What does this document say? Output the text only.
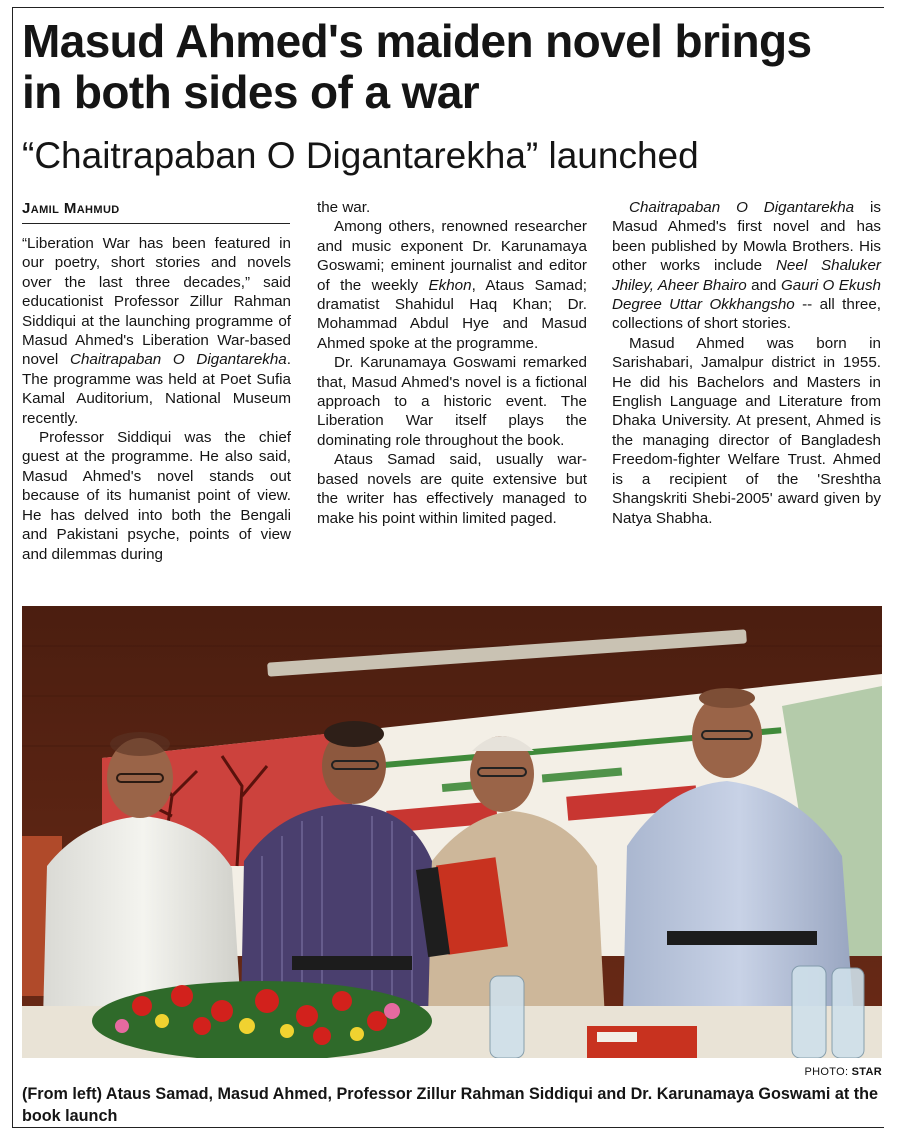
Masud Ahmed's maiden novel brings
in both sides of a war
“Chaitrapaban O Digantarekha” launched
Jamil Mahmud

“Liberation War has been featured in our poetry, short stories and novels over the last three decades,” said educationist Professor Zillur Rahman Siddiqui at the launching programme of Masud Ahmed's Liberation War-based novel Chaitrapaban O Digantarekha. The programme was held at Poet Sufia Kamal Auditorium, National Museum recently.

Professor Siddiqui was the chief guest at the programme. He also said, Masud Ahmed's novel stands out because of its humanist point of view. He has delved into both the Bengali and Pakistani psyche, points of view and dilemmas during

the war.

Among others, renowned researcher and music exponent Dr. Karunamaya Goswami; eminent journalist and editor of the weekly Ekhon, Ataus Samad; dramatist Shahidul Haq Khan; Dr. Mohammad Abdul Hye and Masud Ahmed spoke at the programme.

Dr. Karunamaya Goswami remarked that, Masud Ahmed's novel is a fictional approach to a historic event. The Liberation War itself plays the dominating role throughout the book.

Ataus Samad said, usually war-based novels are quite extensive but the writer has effectively managed to make his point within limited paged.

Chaitrapaban O Digantarekha is Masud Ahmed's first novel and has been published by Mowla Brothers. His other works include Neel Shaluker Jhiley, Aheer Bhairo and Gauri O Ekush Degree Uttar Okkhangsho -- all three, collections of short stories.

Masud Ahmed was born in Sarishabari, Jamalpur district in 1955. He did his Bachelors and Masters in English Language and Literature from Dhaka University. At present, Ahmed is the managing director of Bangladesh Freedom-fighter Welfare Trust. Ahmed is a recipient of the 'Sreshtha Shangskriti Shebi-2005' award given by Natya Shabha.

PHOTO: STAR

(From left) Ataus Samad, Masud Ahmed, Professor Zillur Rahman Siddiqui and Dr. Karunamaya Goswami at the book launch
